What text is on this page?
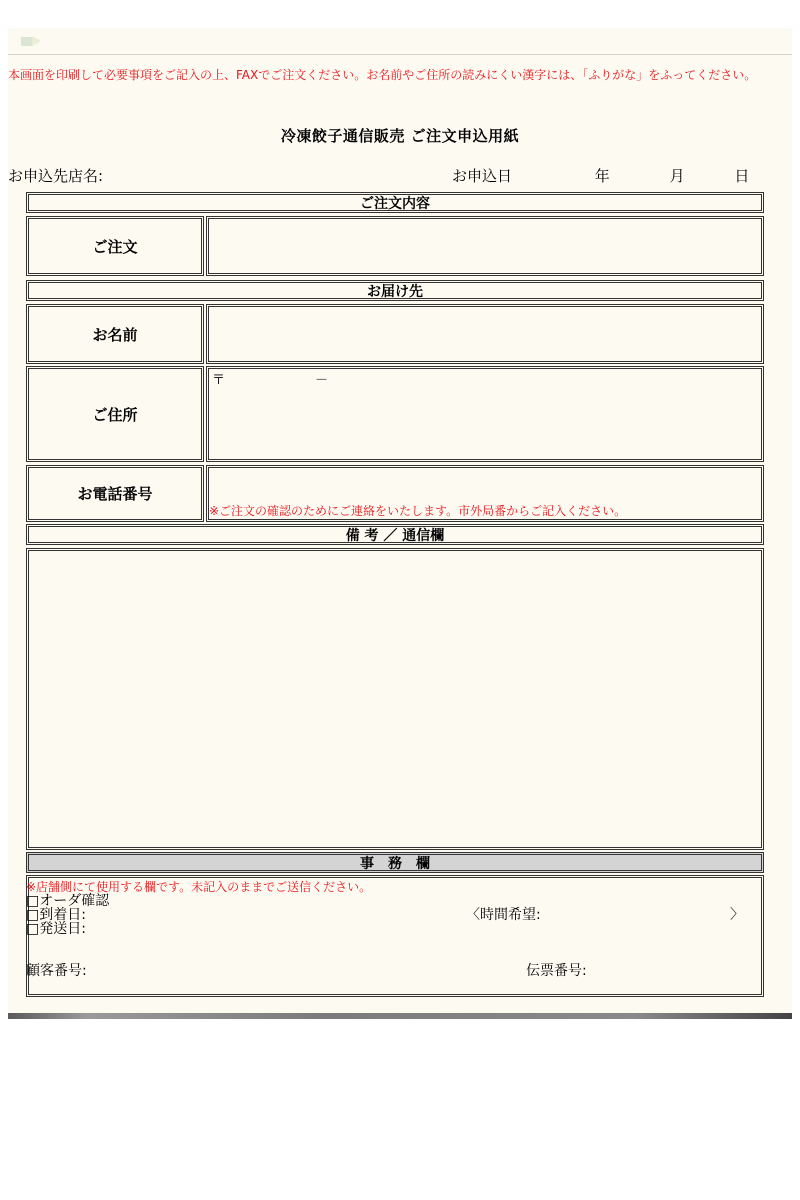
本画面を印刷して必要事項をご記入の上、FAXでご注文ください。お名前やご住所の読みにくい漢字には、「ふりがな」をふってください。
冷凍餃子通信販売 ご注文申込用紙
お申込先店名:	お申込日	年	月	日
ご注文内容
ご注文
お届け先
お名前
ご住所
〒	－
お電話番号
※ご注文の確認のためにご連絡をいたします。市外局番からご記入ください。
備 考 ／ 通信欄
事　務　欄
※店舗側にて使用する欄です。未記入のままでご送信ください。
□オーダ確認
□到着日:	〈時間希望:	〉
□発送日:
顧客番号:	伝票番号:
